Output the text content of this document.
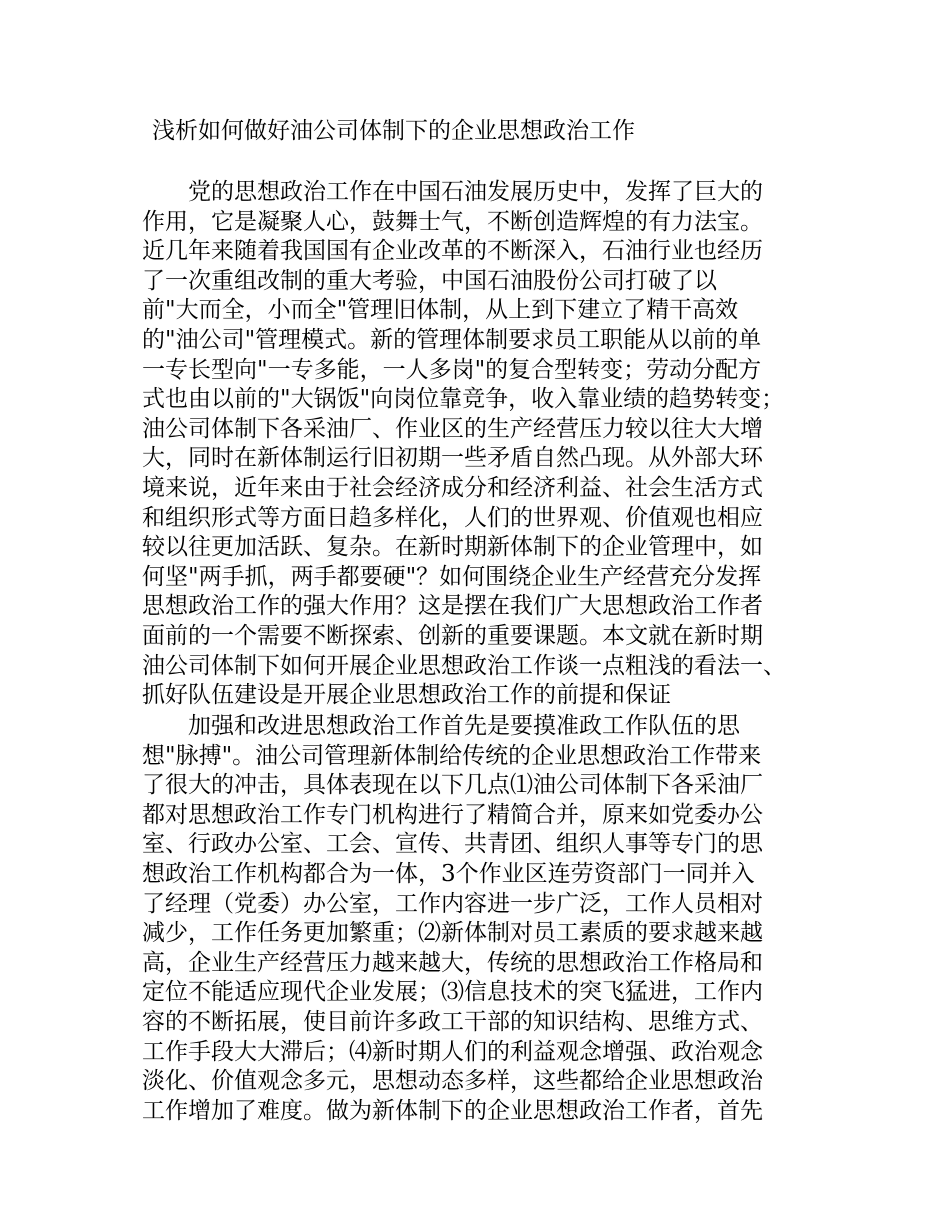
浅析如何做好油公司体制下的企业思想政治工作
党的思想政治工作在中国石油发展历史中，发挥了巨大的
作用，它是凝聚人心，鼓舞士气，不断创造辉煌的有力法宝。
近几年来随着我国国有企业改革的不断深入，石油行业也经历
了一次重组改制的重大考验，中国石油股份公司打破了以
前"大而全，小而全"管理旧体制，从上到下建立了精干高效
的"油公司"管理模式。新的管理体制要求员工职能从以前的单
一专长型向"一专多能，一人多岗"的复合型转变；劳动分配方
式也由以前的"大锅饭"向岗位靠竞争，收入靠业绩的趋势转变；
油公司体制下各采油厂、作业区的生产经营压力较以往大大增
大，同时在新体制运行旧初期一些矛盾自然凸现。从外部大环
境来说，近年来由于社会经济成分和经济利益、社会生活方式
和组织形式等方面日趋多样化，人们的世界观、价值观也相应
较以往更加活跃、复杂。在新时期新体制下的企业管理中，如
何坚"两手抓，两手都要硬"？如何围绕企业生产经营充分发挥
思想政治工作的强大作用？这是摆在我们广大思想政治工作者
面前的一个需要不断探索、创新的重要课题。本文就在新时期
油公司体制下如何开展企业思想政治工作谈一点粗浅的看法一、
抓好队伍建设是开展企业思想政治工作的前提和保证
加强和改进思想政治工作首先是要摸准政工作队伍的思
想"脉搏"。油公司管理新体制给传统的企业思想政治工作带来
了很大的冲击，具体表现在以下几点⑴油公司体制下各采油厂
都对思想政治工作专门机构进行了精简合并，原来如党委办公
室、行政办公室、工会、宣传、共青团、组织人事等专门的思
想政治工作机构都合为一体，3个作业区连劳资部门一同并入
了经理（党委）办公室，工作内容进一步广泛，工作人员相对
减少，工作任务更加繁重；⑵新体制对员工素质的要求越来越
高，企业生产经营压力越来越大，传统的思想政治工作格局和
定位不能适应现代企业发展；⑶信息技术的突飞猛进，工作内
容的不断拓展，使目前许多政工干部的知识结构、思维方式、
工作手段大大滞后；⑷新时期人们的利益观念增强、政治观念
淡化、价值观念多元，思想动态多样，这些都给企业思想政治
工作增加了难度。做为新体制下的企业思想政治工作者，首先
